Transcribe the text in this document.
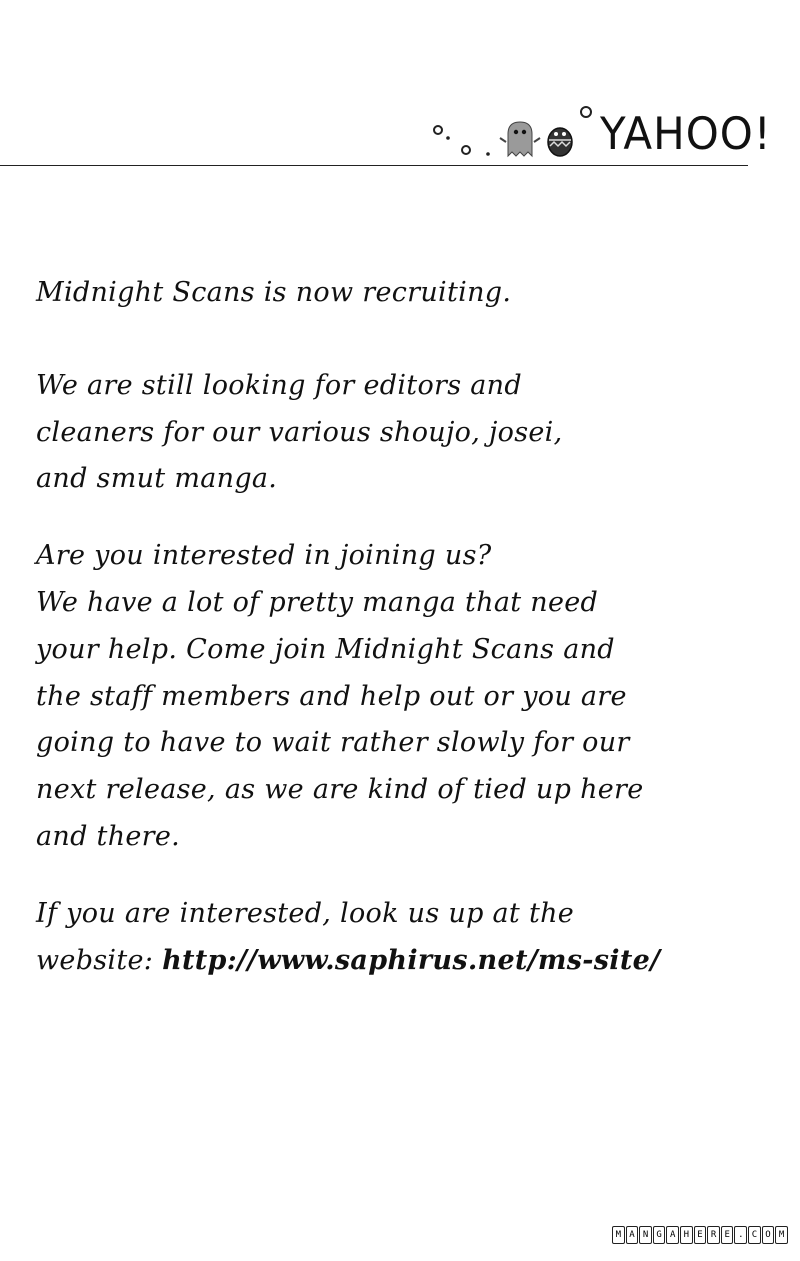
YAHOO!

Midnight Scans is now recruiting.

We are still looking for editors and
cleaners for our various shoujo, josei,
and smut manga.

Are you interested in joining us?
We have a lot of pretty manga that need
your help. Come join Midnight Scans and
the staff members and help out or you are
going to have to wait rather slowly for our
next release, as we are kind of tied up here
and there.

If you are interested, look us up at the
website: http://www.saphirus.net/ms-site/
M A N G A H E R E . C O M
